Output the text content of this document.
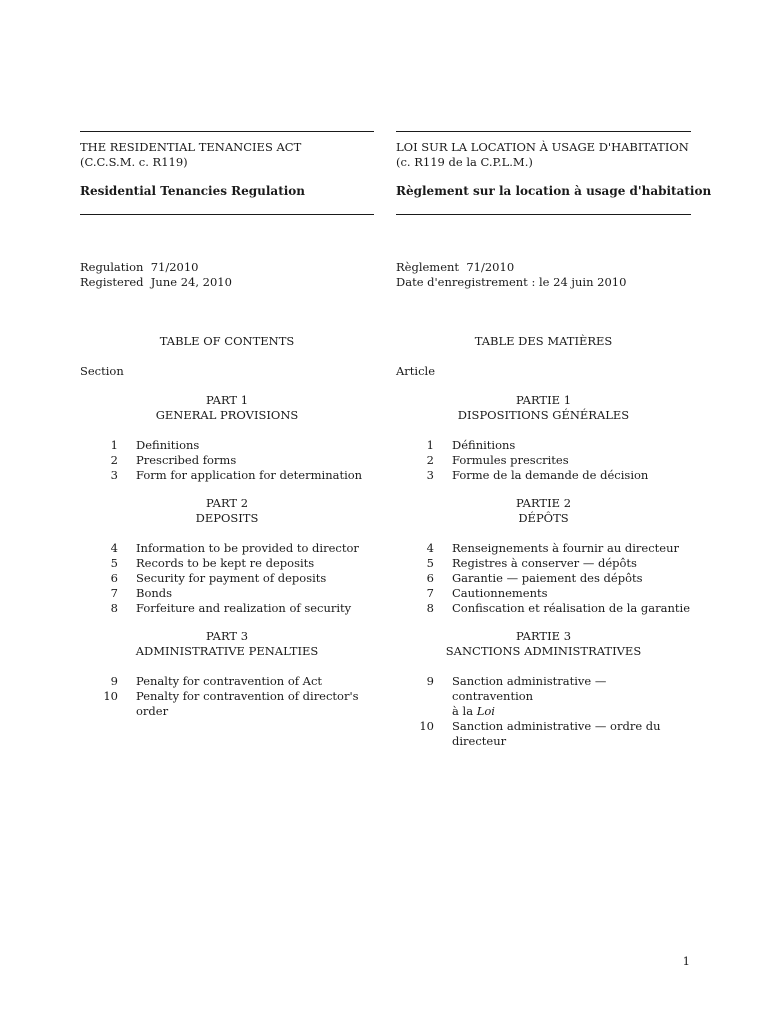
THE RESIDENTIAL TENANCIES ACT
(C.C.S.M. c. R119)
Residential Tenancies Regulation
Regulation  71/2010
Registered  June 24, 2010
TABLE OF CONTENTS
Section
PART 1
GENERAL PROVISIONS
1 Definitions
2 Prescribed forms
3 Form for application for determination
PART 2
DEPOSITS
4 Information to be provided to director
5 Records to be kept re deposits
6 Security for payment of deposits
7 Bonds
8 Forfeiture and realization of security
PART 3
ADMINISTRATIVE PENALTIES
9 Penalty for contravention of Act
10 Penalty for contravention of director's
order
LOI SUR LA LOCATION À USAGE D'HABITATION
(c. R119 de la C.P.L.M.)
Règlement sur la location à usage d'habitation
Règlement  71/2010
Date d'enregistrement : le 24 juin 2010
TABLE DES MATIÈRES
Article
PARTIE 1
DISPOSITIONS GÉNÉRALES
1 Définitions
2 Formules prescrites
3 Forme de la demande de décision
PARTIE 2
DÉPÔTS
4 Renseignements à fournir au directeur
5 Registres à conserver — dépôts
6 Garantie — paiement des dépôts
7 Cautionnements
8 Confiscation et réalisation de la garantie
PARTIE 3
SANCTIONS ADMINISTRATIVES
9 Sanction administrative — contravention
à la Loi
10 Sanction administrative — ordre du
directeur
1
